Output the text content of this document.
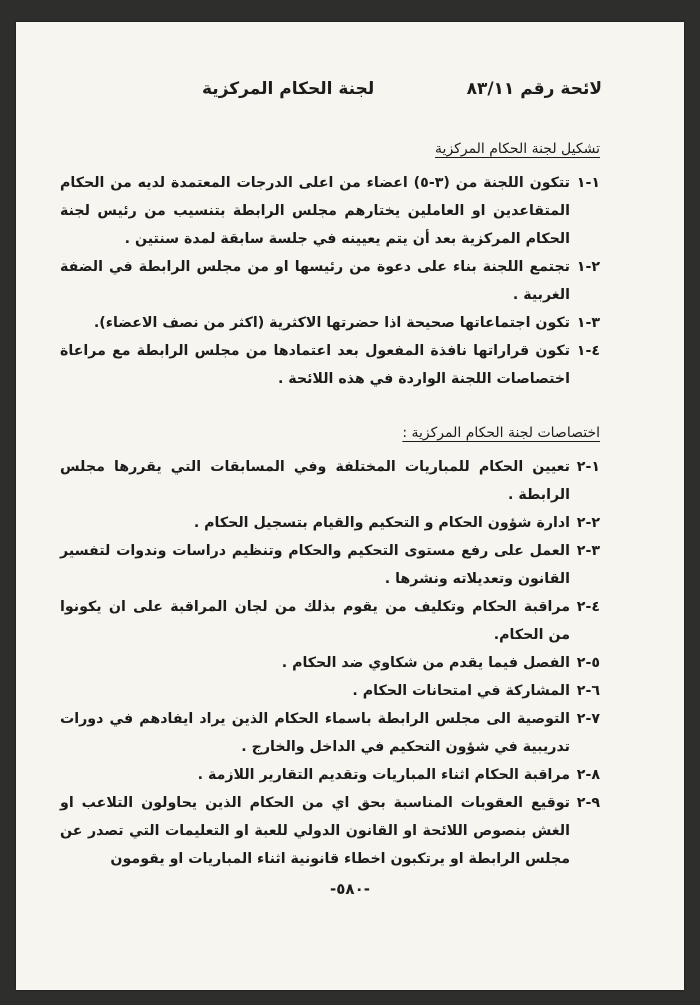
لائحة رقم ٨٣/١١
لجنة الحكام المركزية
تشكيل لجنة الحكام المركزية
١-١
تتكون اللجنة من (٣-٥) اعضاء من اعلى الدرجات المعتمدة لديه من الحكام المتقاعدين او العاملين يختارهم مجلس الرابطة بتنسيب من رئيس لجنة الحكام المركزية بعد أن يتم يعيينه في جلسة سابقة لمدة سنتين .
٢-١
تجتمع اللجنة بناء على دعوة من رئيسها او من مجلس الرابطة في الضفة الغربية .
٣-١
تكون اجتماعاتها صحيحة اذا حضرتها الاكثرية (اكثر من نصف الاعضاء).
٤-١
تكون قراراتها نافذة المفعول بعد اعتمادها من مجلس الرابطة مع مراعاة اختصاصات اللجنة الواردة في هذه اللائحة .
اختصاصات لجنة الحكام المركزية :
١-٢
تعيين الحكام للمباريات المختلفة وفي المسابقات التي يقررها مجلس الرابطة .
٢-٢
ادارة شؤون الحكام و التحكيم والقيام بتسجيل الحكام .
٣-٢
العمل على رفع مستوى التحكيم والحكام وتنظيم دراسات وندوات لتفسير القانون وتعديلاته ونشرها .
٤-٢
مراقبة الحكام وتكليف من يقوم بذلك من لجان المراقبة على ان يكونوا من الحكام.
٥-٢
الفصل فيما يقدم من شكاوي ضد الحكام .
٦-٢
المشاركة في امتحانات الحكام .
٧-٢
التوصية الى مجلس الرابطة باسماء الحكام الذين يراد ايفادهم في دورات تدريبية في شؤون التحكيم في الداخل والخارج .
٨-٢
مراقبة الحكام اثناء المباريات وتقديم التقارير اللازمة .
٩-٢
توقيع العقوبات المناسبة بحق اي من الحكام الذين يحاولون التلاعب او الغش بنصوص اللائحة او القانون الدولي للعبة او التعليمات التي تصدر عن مجلس الرابطة او يرتكبون اخطاء قانونية اثناء المباريات او يقومون
-٥٨٠-
